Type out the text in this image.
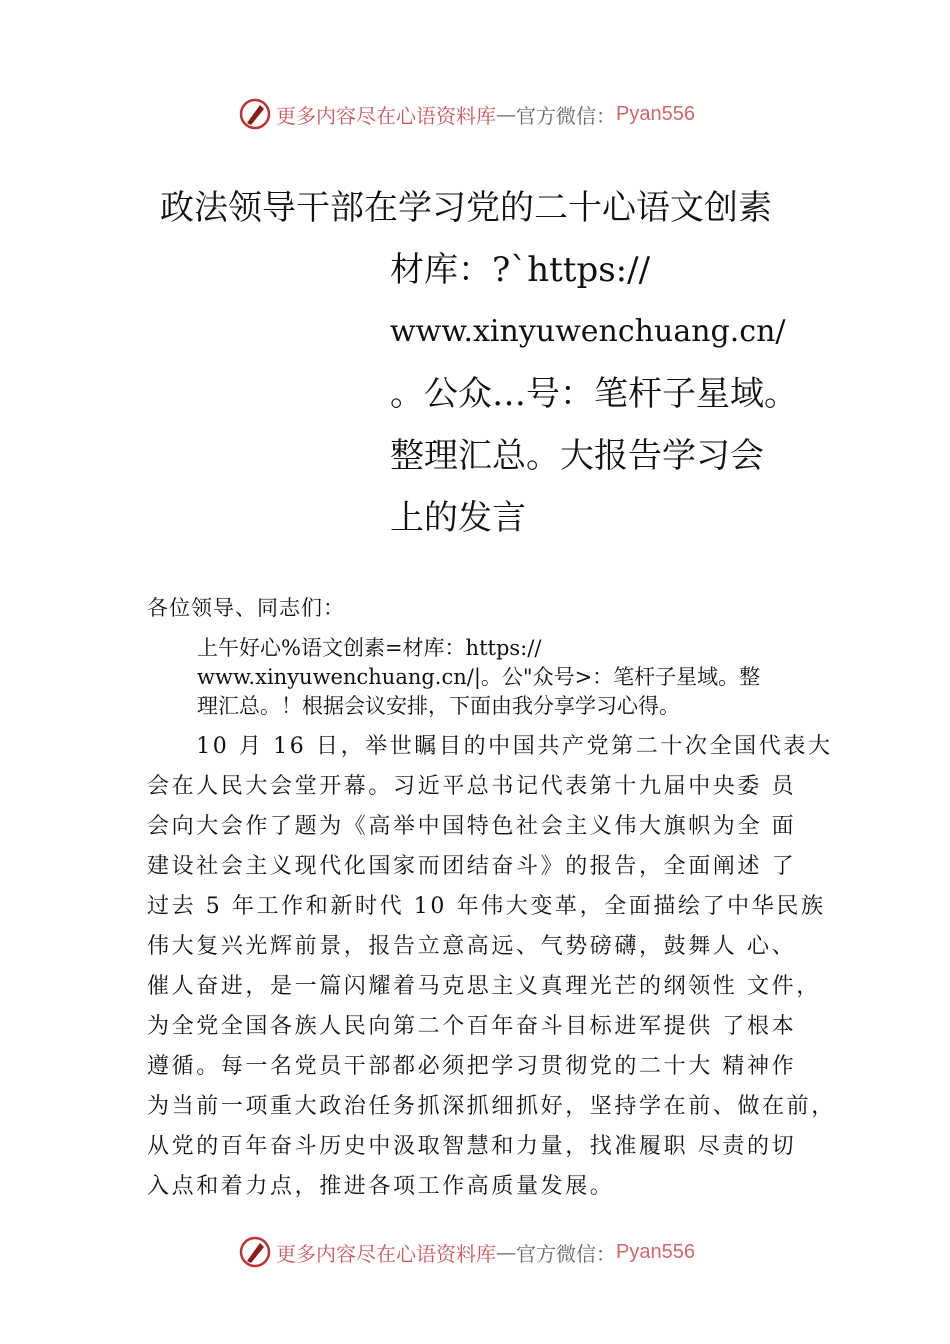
更多内容尽在心语资料库 — 官方微信： Pyan556
政法领导干部在学习党的二十心语文创素
材库：?`https://
www.xinyuwenchuang.cn/
。公众…号：笔杆子星域。
整理汇总。大报告学习会
上的发言
各位领导、同志们：
上午好心%语文创素=材库：https://
www.xinyuwenchuang.cn/|。公"众号>：笔杆子星域。整
理汇总。！根据会议安排，下面由我分享学习心得。
　　10 月 16 日，举世瞩目的中国共产党第二十次全国代表大
会在人民大会堂开幕。习近平总书记代表第十九届中央委 员
会向大会作了题为《高举中国特色社会主义伟大旗帜为全 面
建设社会主义现代化国家而团结奋斗》的报告，全面阐述 了
过去 5 年工作和新时代 10 年伟大变革，全面描绘了中华民族
伟大复兴光辉前景，报告立意高远、气势磅礴，鼓舞人 心、
催人奋进，是一篇闪耀着马克思主义真理光芒的纲领性 文件，
为全党全国各族人民向第二个百年奋斗目标进军提供 了根本
遵循。每一名党员干部都必须把学习贯彻党的二十大 精神作
为当前一项重大政治任务抓深抓细抓好，坚持学在前、做在前，
从党的百年奋斗历史中汲取智慧和力量，找准履职 尽责的切
入点和着力点，推进各项工作高质量发展。
更多内容尽在心语资料库 — 官方微信： Pyan556
